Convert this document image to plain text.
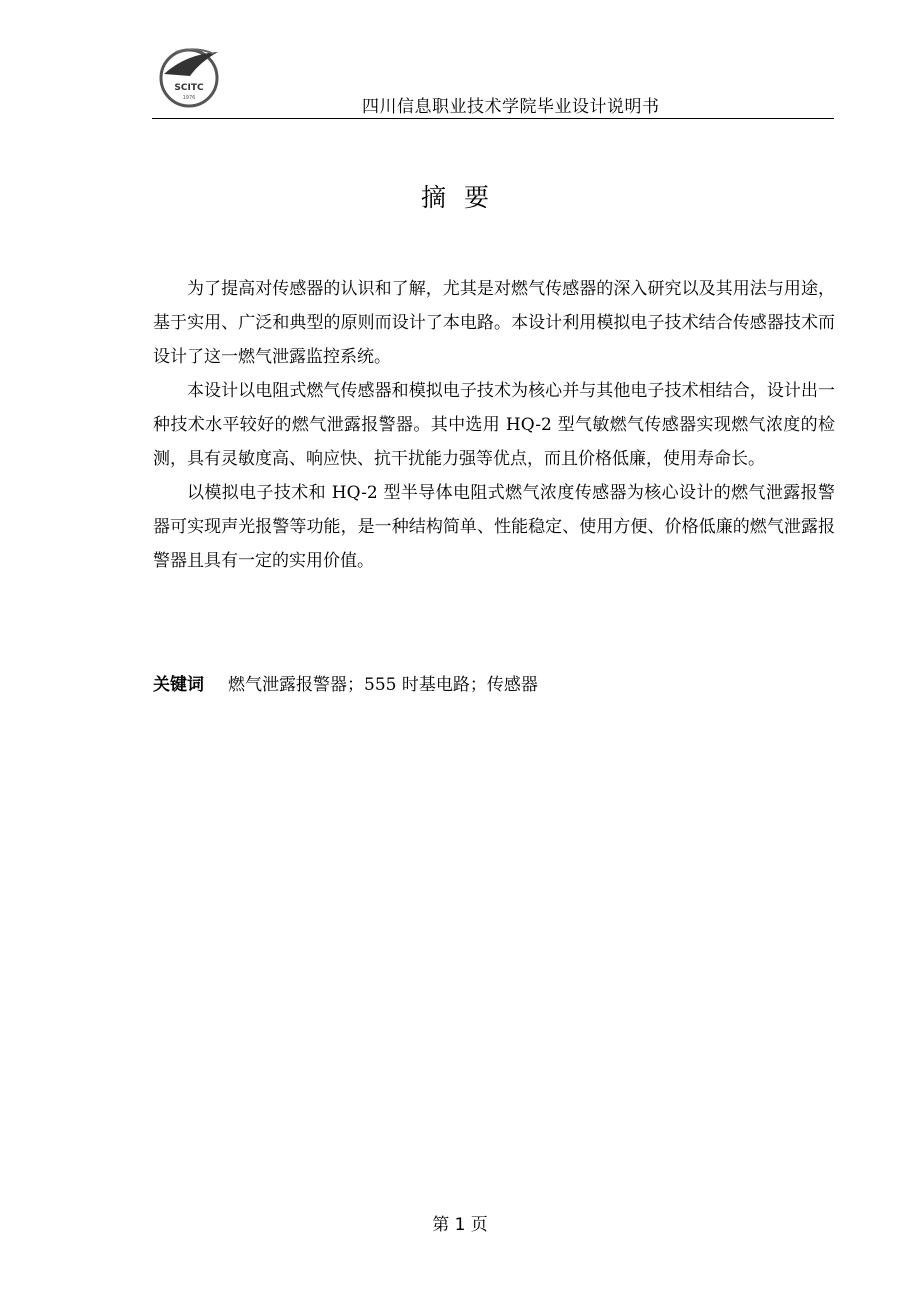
SCITC
1976	四川信息职业技术学院毕业设计说明书
摘要

为了提高对传感器的认识和了解，尤其是对燃气传感器的深入研究以及其用法与用途，基于实用、广泛和典型的原则而设计了本电路。本设计利用模拟电子技术结合传感器技术而设计了这一燃气泄露监控系统。

本设计以电阻式燃气传感器和模拟电子技术为核心并与其他电子技术相结合，设计出一种技术水平较好的燃气泄露报警器。其中选用 HQ-2 型气敏燃气传感器实现燃气浓度的检测，具有灵敏度高、响应快、抗干扰能力强等优点，而且价格低廉，使用寿命长。

以模拟电子技术和 HQ-2 型半导体电阻式燃气浓度传感器为核心设计的燃气泄露报警器可实现声光报警等功能，是一种结构简单、性能稳定、使用方便、价格低廉的燃气泄露报警器且具有一定的实用价值。

关键词 燃气泄露报警器；555 时基电路；传感器
第 1 页
